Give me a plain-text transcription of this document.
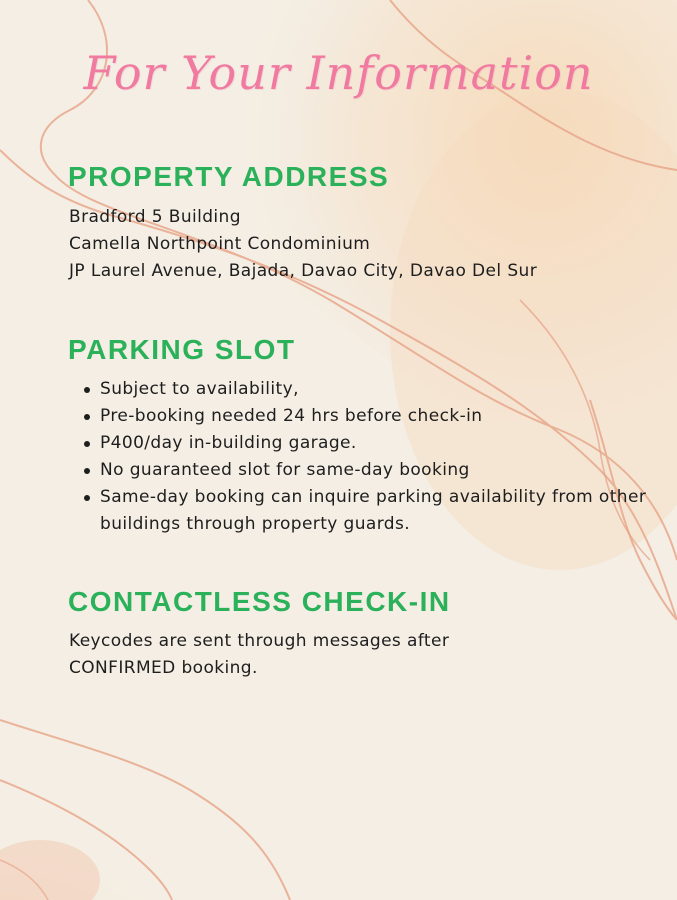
For Your Information
PROPERTY ADDRESS
Bradford 5 Building
Camella Northpoint Condominium
JP Laurel Avenue, Bajada, Davao City, Davao Del Sur
PARKING SLOT
Subject to availability,
Pre-booking needed 24 hrs before check-in
P400/day in-building garage.
No guaranteed slot for same-day booking
Same-day booking can inquire parking availability from other buildings through property guards.
CONTACTLESS CHECK-IN
Keycodes are sent through messages after
CONFIRMED booking.
